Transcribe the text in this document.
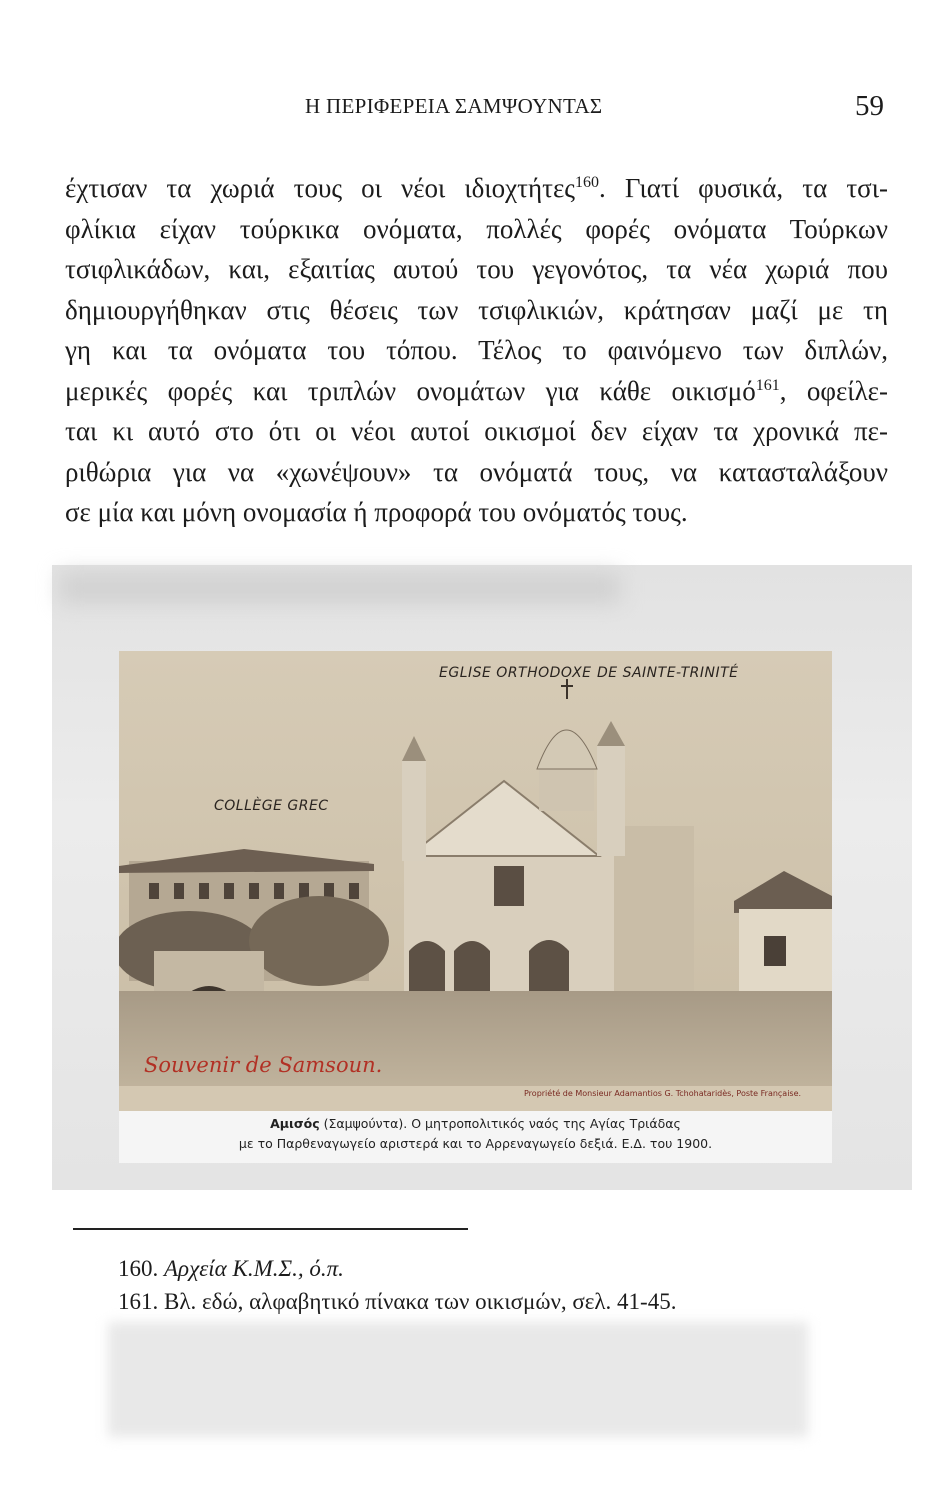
Η ΠΕΡΙΦΕΡΕΙΑ ΣΑΜΨΟΥΝΤΑΣ	59
έχτισαν τα χωριά τους οι νέοι ιδιοχτήτες$^{160}$. Γιατί φυσικά, τα τσι-
φλίκια είχαν τούρκικα ονόματα, πολλές φορές ονόματα Τούρκων
τσιφλικάδων, και, εξαιτίας αυτού του γεγονότος, τα νέα χωριά που
δημιουργήθηκαν στις θέσεις των τσιφλικιών, κράτησαν μαζί με τη
γη και τα ονόματα του τόπου. Τέλος το φαινόμενο των διπλών,
μερικές φορές και τριπλών ονομάτων για κάθε οικισμό$^{161}$, οφείλε-
ται κι αυτό στο ότι οι νέοι αυτοί οικισμοί δεν είχαν τα χρονικά πε-
ριθώρια για να «χωνέψουν» τα ονόματά τους, να κατασταλάξουν
σε μία και μόνη ονομασία ή προφορά του ονόματός τους.
EGLISE ORTHODOXE DE SAINTE-TRINITÉ
COLLÈGE GREC
Souvenir de Samsoun.
Propriété de Monsieur Adamantios G. Tchohataridès, Poste Française.
Αμισός (Σαμψούντα). Ο μητροπολιτικός ναός της Αγίας Τριάδας
με το Παρθεναγωγείο αριστερά και το Αρρεναγωγείο δεξιά. Ε.Δ. του 1900.
160. Αρχεία Κ.Μ.Σ., ό.π.
161. Βλ. εδώ, αλφαβητικό πίνακα των οικισμών, σελ. 41-45.
